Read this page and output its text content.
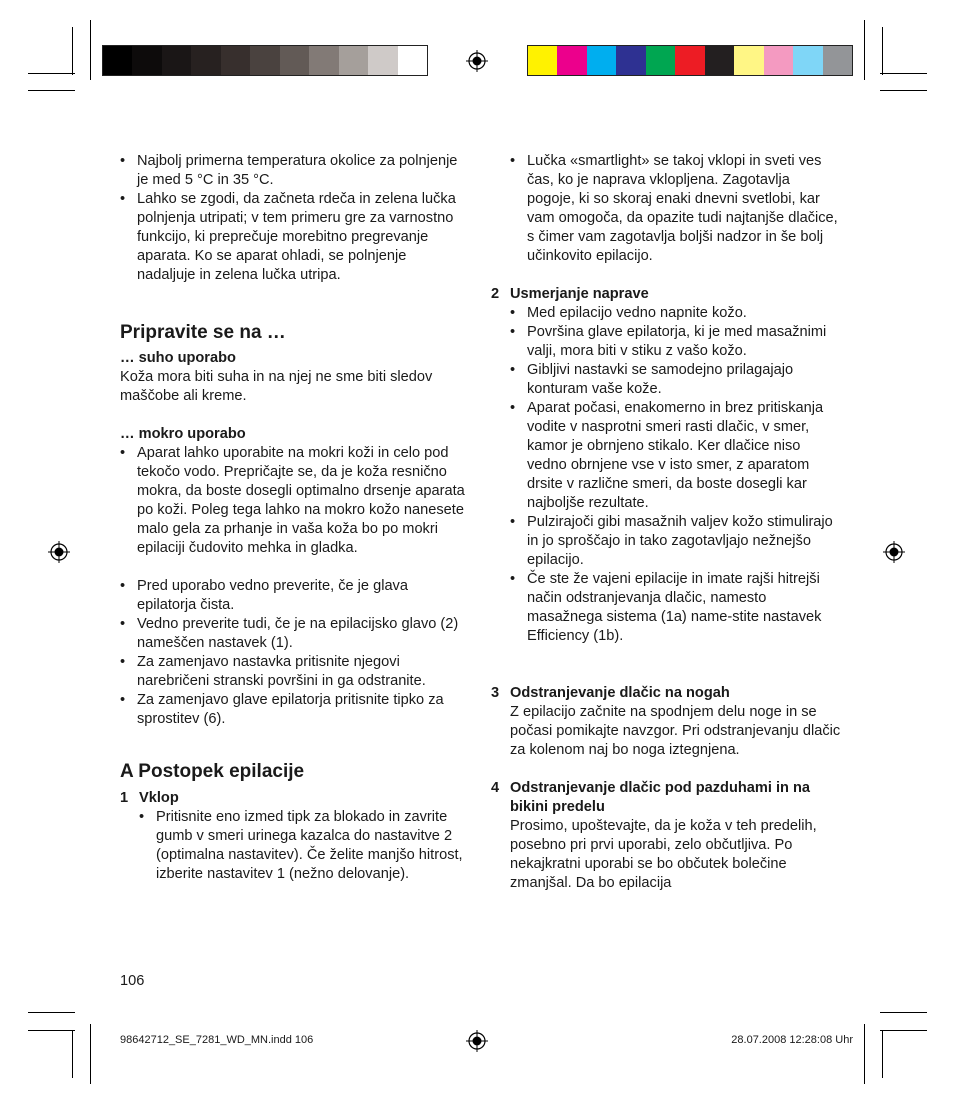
• Najbolj primerna temperatura okolice za polnjenje je med 5 °C in 35 °C.

• Lahko se zgodi, da začneta rdeča in zelena lučka polnjenja utripati; v tem primeru gre za varnostno funkcijo, ki preprečuje morebitno pregrevanje aparata. Ko se aparat ohladi, se polnjenje nadaljuje in zelena lučka utripa.

Pripravite se na …

… suho uporabo

Koža mora biti suha in na njej ne sme biti sledov maščobe ali kreme.

… mokro uporabo

• Aparat lahko uporabite na mokri koži in celo pod tekočo vodo. Prepričajte se, da je koža resnično mokra, da boste dosegli optimalno drsenje aparata po koži. Poleg tega lahko na mokro kožo nanesete malo gela za prhanje in vaša koža bo po mokri epilaciji čudovito mehka in gladka.

• Pred uporabo vedno preverite, če je glava epilatorja čista.

• Vedno preverite tudi, če je na epilacijsko glavo (2) nameščen nastavek (1).

• Za zamenjavo nastavka pritisnite njegovi narebričeni stranski površini in ga odstranite.

• Za zamenjavo glave epilatorja pritisnite tipko za sprostitev (6).

A Postopek epilacije

1 Vklop

• Pritisnite eno izmed tipk za blokado in zavrite gumb v smeri urinega kazalca do nastavitve 2 (optimalna nastavitev). Če želite manjšo hitrost, izberite nastavitev 1 (nežno delovanje).

106

• Lučka «smartlight» se takoj vklopi in sveti ves čas, ko je naprava vklopljena. Zagotavlja pogoje, ki so skoraj enaki dnevni svetlobi, kar vam omogoča, da opazite tudi najtanjše dlačice, s čimer vam zagotavlja boljši nadzor in še bolj učinkovito epilacijo.

2 Usmerjanje naprave

• Med epilacijo vedno napnite kožo.

• Površina glave epilatorja, ki je med masažnimi valji, mora biti v stiku z vašo kožo.

• Gibljivi nastavki se samodejno prilagajajo konturam vaše kože.

• Aparat počasi, enakomerno in brez pritiskanja vodite v nasprotni smeri rasti dlačic, v smer, kamor je obrnjeno stikalo. Ker dlačice niso vedno obrnjene vse v isto smer, z aparatom drsite v različne smeri, da boste dosegli kar najboljše rezultate.

• Pulzirajoči gibi masažnih valjev kožo stimulirajo in jo sproščajo in tako zagotavljajo nežnejšo epilacijo.

• Če ste že vajeni epilacije in imate rajši hitrejši način odstranjevanja dlačic, namesto masažnega sistema (1a) name-stite nastavek Efficiency (1b).

3 Odstranjevanje dlačic na nogah

Z epilacijo začnite na spodnjem delu noge in se počasi pomikajte navzgor. Pri odstranjevanju dlačic za kolenom naj bo noga iztegnjena.

4 Odstranjevanje dlačic pod pazduhami in na bikini predelu

Prosimo, upoštevajte, da je koža v teh predelih, posebno pri prvi uporabi, zelo občutljiva. Po nekajkratni uporabi se bo občutek bolečine zmanjšal. Da bo epilacija

98642712_SE_7281_WD_MN.indd 106	28.07.2008 12:28:08 Uhr
